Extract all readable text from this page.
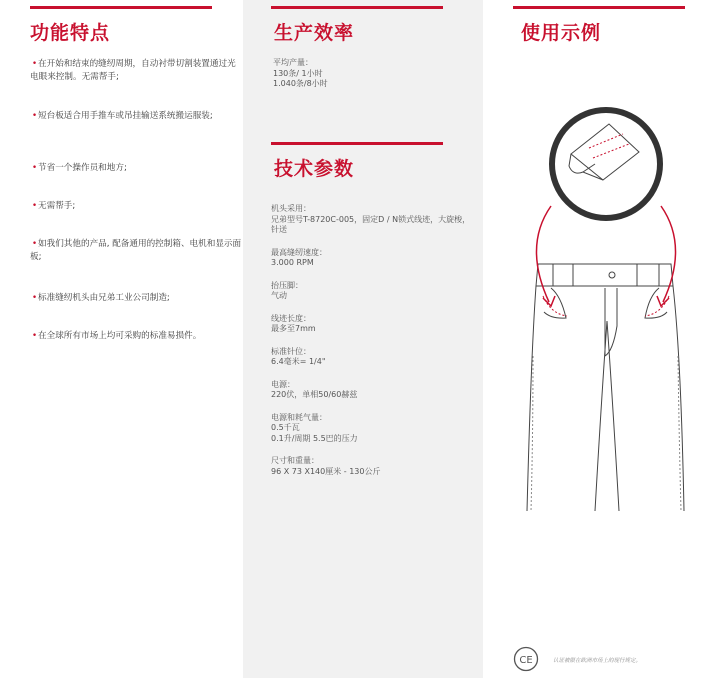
功能特点
•在开始和结束的缝纫周期，自动衬带切割装置通过光电眼来控制。无需帮手;
•短台板适合用手推车或吊挂输送系统搬运服装;
•节省一个操作员和地方;
•无需帮手;
•如我们其他的产品, 配备通用的控制箱、电机和显示面板;
•标准缝纫机头由兄弟工业公司制造;
•在全球所有市场上均可采购的标准易损件。
生产效率
平均产量：
130条/ 1小时
1.040条/8小时
技术参数
机头采用：
兄弟型号T-8720C-005，固定D / N锁式线迹，大旋梭，针送
最高缝纫速度：
3.000 RPM
抬压脚：
气动
线迹长度：
最多至7mm
标准针位：
6.4毫米= 1/4"
电源：
220伏，单相50/60赫兹
电源和耗气量：
0.5千瓦
0.1升/周期 5.5巴的压力
尺寸和重量：
96 X 73 X140厘米 - 130公斤
使用示例
CE	认证被限在欧洲市场上的现行规定。
